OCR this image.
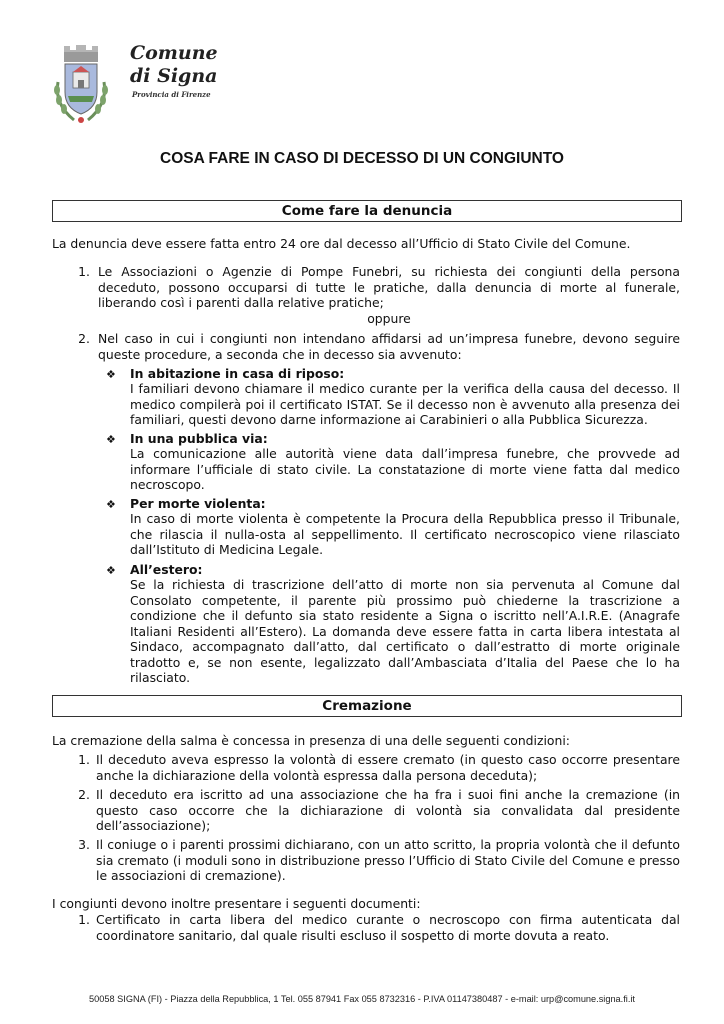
Comune
di Signa
Provincia di Firenze
COSA FARE IN CASO DI DECESSO DI UN CONGIUNTO
Come fare la denuncia
La denuncia deve essere fatta entro 24 ore dal decesso all’Ufficio di Stato Civile del Comune.
1. Le Associazioni o Agenzie di Pompe Funebri, su richiesta dei congiunti della persona deceduto, possono occuparsi di tutte le pratiche, dalla denuncia di morte al funerale, liberando così i parenti dalla relative pratiche;
oppure
2. Nel caso in cui i congiunti non intendano affidarsi ad un’impresa funebre, devono seguire queste procedure, a seconda che in decesso sia avvenuto:
❖ In abitazione in casa di riposo:
I familiari devono chiamare il medico curante per la verifica della causa del decesso. Il medico compilerà poi il certificato ISTAT. Se il decesso non è avvenuto alla presenza dei familiari, questi devono darne informazione ai Carabinieri o alla Pubblica Sicurezza.
❖ In una pubblica via:
La comunicazione alle autorità viene data dall’impresa funebre, che provvede ad informare l’ufficiale di stato civile. La constatazione di morte viene fatta dal medico necroscopo.
❖ Per morte violenta:
In caso di morte violenta è competente la Procura della Repubblica presso il Tribunale, che rilascia il nulla-osta al seppellimento. Il certificato necroscopico viene rilasciato dall’Istituto di Medicina Legale.
❖ All’estero:
Se la richiesta di trascrizione dell’atto di morte non sia pervenuta al Comune dal Consolato competente, il parente più prossimo può chiederne la trascrizione a condizione che il defunto sia stato residente a Signa o iscritto nell’A.I.R.E. (Anagrafe Italiani Residenti all’Estero). La domanda deve essere fatta in carta libera intestata al Sindaco, accompagnato dall’atto, dal certificato o dall’estratto di morte originale tradotto e, se non esente, legalizzato dall’Ambasciata d’Italia del Paese che lo ha rilasciato.
Cremazione
La cremazione della salma è concessa in presenza di una delle seguenti condizioni:
1. Il deceduto aveva espresso la volontà di essere cremato (in questo caso occorre presentare anche la dichiarazione della volontà espressa dalla persona deceduta);
2. Il deceduto era iscritto ad una associazione che ha fra i suoi fini anche la cremazione (in questo caso occorre che la dichiarazione di volontà sia convalidata dal presidente dell’associazione);
3. Il coniuge o i parenti prossimi dichiarano, con un atto scritto, la propria volontà che il defunto sia cremato (i moduli sono in distribuzione presso l’Ufficio di Stato Civile del Comune e presso le associazioni di cremazione).
I congiunti devono inoltre presentare i seguenti documenti:
1. Certificato in carta libera del medico curante o necroscopo con firma autenticata dal coordinatore sanitario, dal quale risulti escluso il sospetto di morte dovuta a reato.
50058 SIGNA (FI) - Piazza della Repubblica, 1 Tel. 055 87941 Fax 055 8732316 - P.IVA 01147380487 - e-mail: urp@comune.signa.fi.it
